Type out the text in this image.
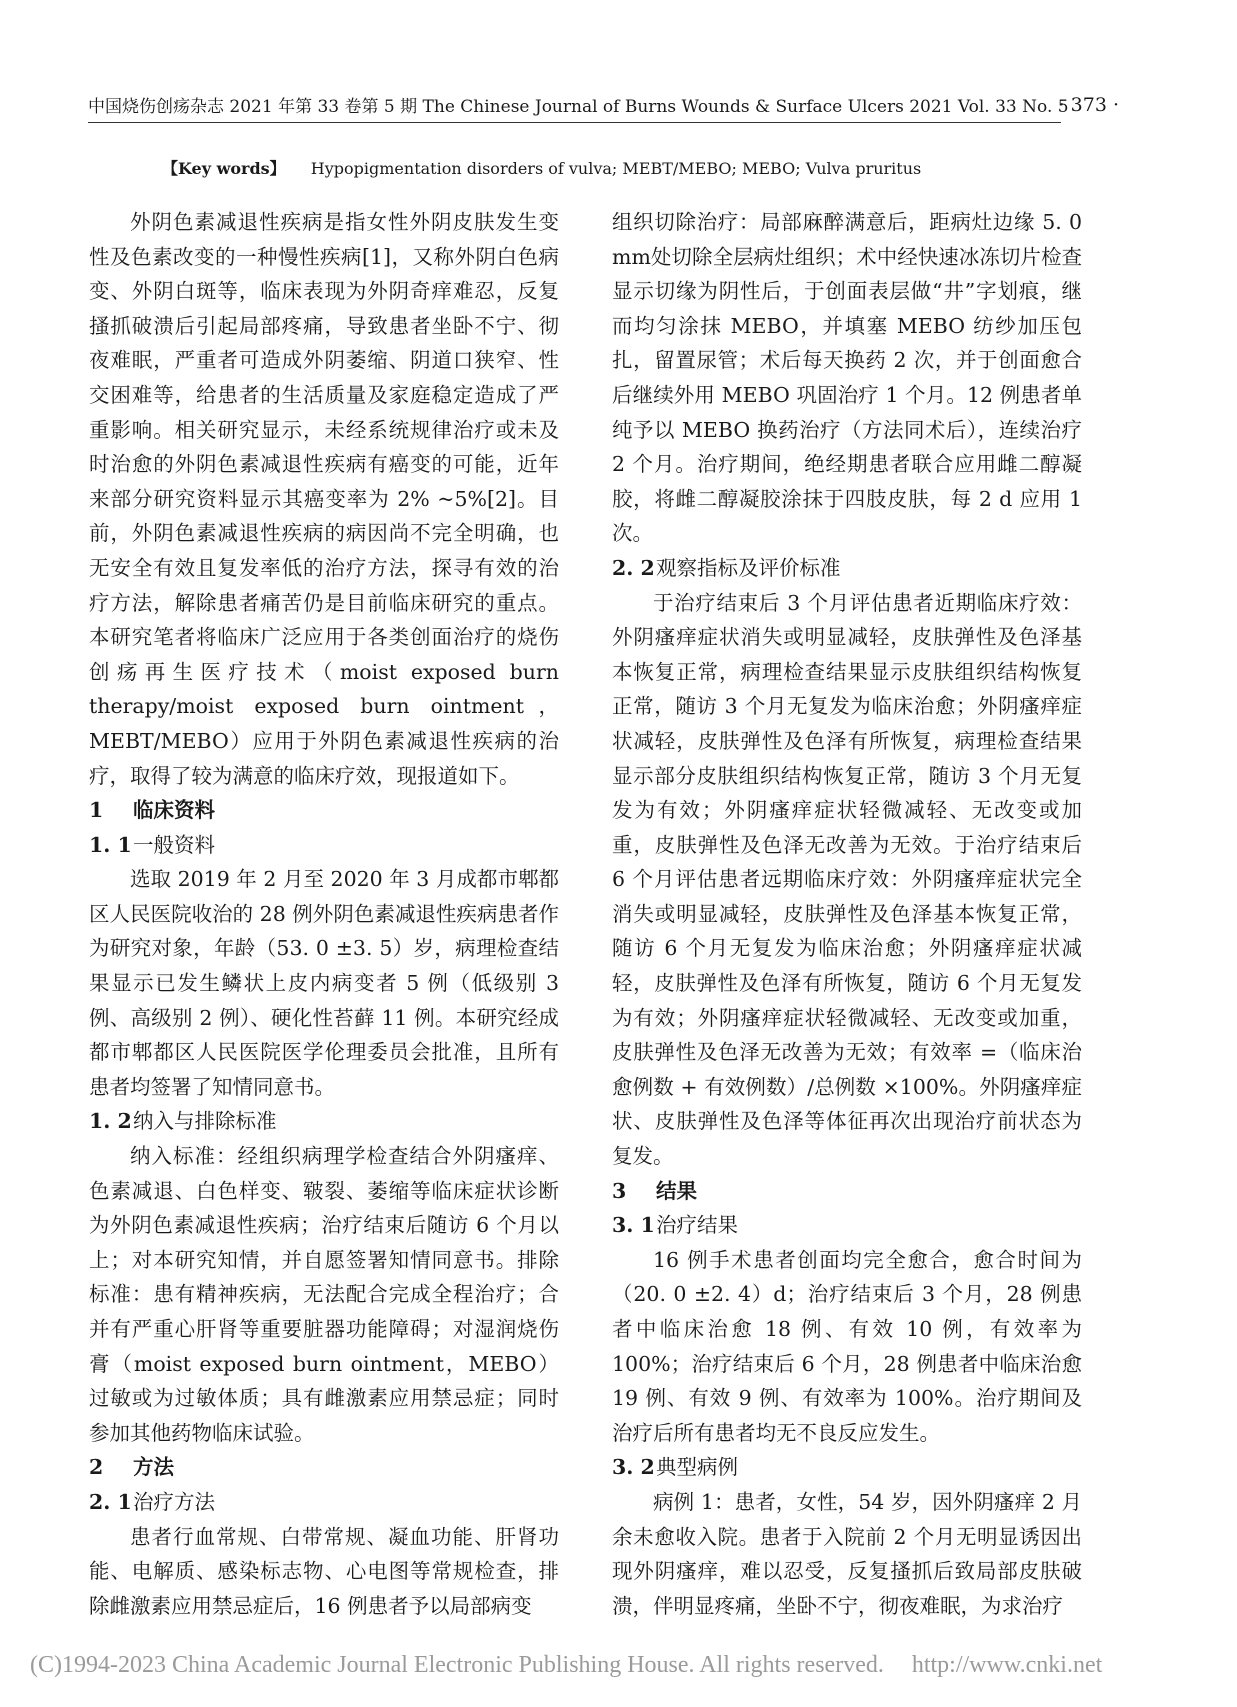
中国烧伤创疡杂志 2021 年第 33 卷第 5 期 The Chinese Journal of Burns Wounds & Surface Ulcers 2021 Vol. 33 No. 5
· 373 ·
【Key words】 Hypopigmentation disorders of vulva; MEBT/MEBO; MEBO; Vulva pruritus

外阴色素减退性疾病是指女性外阴皮肤发生变性及色素改变的一种慢性疾病[1]，又称外阴白色病变、外阴白斑等，临床表现为外阴奇痒难忍，反复搔抓破溃后引起局部疼痛，导致患者坐卧不宁、彻夜难眠，严重者可造成外阴萎缩、阴道口狭窄、性交困难等，给患者的生活质量及家庭稳定造成了严重影响。相关研究显示，未经系统规律治疗或未及时治愈的外阴色素减退性疾病有癌变的可能，近年来部分研究资料显示其癌变率为 2% ~5%[2]。目前，外阴色素减退性疾病的病因尚不完全明确，也无安全有效且复发率低的治疗方法，探寻有效的治疗方法，解除患者痛苦仍是目前临床研究的重点。本研究笔者将临床广泛应用于各类创面治疗的烧伤创疡再生医疗技术（moist exposed burn therapy/moist exposed burn ointment，MEBT/MEBO）应用于外阴色素减退性疾病的治疗，取得了较为满意的临床疗效，现报道如下。

1 临床资料
1. 1一般资料

选取 2019 年 2 月至 2020 年 3 月成都市郫都区人民医院收治的 28 例外阴色素减退性疾病患者作为研究对象，年龄（53. 0 ±3. 5）岁，病理检查结果显示已发生鳞状上皮内病变者 5 例（低级别 3 例、高级别 2 例）、硬化性苔藓 11 例。本研究经成都市郫都区人民医院医学伦理委员会批准，且所有患者均签署了知情同意书。

1. 2纳入与排除标准

纳入标准：经组织病理学检查结合外阴瘙痒、色素减退、白色样变、皲裂、萎缩等临床症状诊断为外阴色素减退性疾病；治疗结束后随访 6 个月以上；对本研究知情，并自愿签署知情同意书。排除标准：患有精神疾病，无法配合完成全程治疗；合并有严重心肝肾等重要脏器功能障碍；对湿润烧伤膏（moist exposed burn ointment，MEBO）过敏或为过敏体质；具有雌激素应用禁忌症；同时参加其他药物临床试验。

2 方法
2. 1治疗方法

患者行血常规、白带常规、凝血功能、肝肾功能、电解质、感染标志物、心电图等常规检查，排除雌激素应用禁忌症后，16 例患者予以局部病变

组织切除治疗：局部麻醉满意后，距病灶边缘 5. 0 mm处切除全层病灶组织；术中经快速冰冻切片检查显示切缘为阴性后，于创面表层做“井”字划痕，继而均匀涂抹 MEBO，并填塞 MEBO 纺纱加压包扎，留置尿管；术后每天换药 2 次，并于创面愈合后继续外用 MEBO 巩固治疗 1 个月。12 例患者单纯予以 MEBO 换药治疗（方法同术后），连续治疗 2 个月。治疗期间，绝经期患者联合应用雌二醇凝胶，将雌二醇凝胶涂抹于四肢皮肤，每 2 d 应用 1 次。

2. 2观察指标及评价标准

于治疗结束后 3 个月评估患者近期临床疗效：外阴瘙痒症状消失或明显减轻，皮肤弹性及色泽基本恢复正常，病理检查结果显示皮肤组织结构恢复正常，随访 3 个月无复发为临床治愈；外阴瘙痒症状减轻，皮肤弹性及色泽有所恢复，病理检查结果显示部分皮肤组织结构恢复正常，随访 3 个月无复发为有效；外阴瘙痒症状轻微减轻、无改变或加重，皮肤弹性及色泽无改善为无效。于治疗结束后 6 个月评估患者远期临床疗效：外阴瘙痒症状完全消失或明显减轻，皮肤弹性及色泽基本恢复正常，随访 6 个月无复发为临床治愈；外阴瘙痒症状减轻，皮肤弹性及色泽有所恢复，随访 6 个月无复发为有效；外阴瘙痒症状轻微减轻、无改变或加重，皮肤弹性及色泽无改善为无效；有效率 =（临床治愈例数 + 有效例数）/总例数 ×100%。外阴瘙痒症状、皮肤弹性及色泽等体征再次出现治疗前状态为复发。

3 结果
3. 1治疗结果

16 例手术患者创面均完全愈合，愈合时间为（20. 0 ±2. 4）d；治疗结束后 3 个月，28 例患者中临床治愈 18 例、有效 10 例，有效率为 100%；治疗结束后 6 个月，28 例患者中临床治愈 19 例、有效 9 例、有效率为 100%。治疗期间及治疗后所有患者均无不良反应发生。

3. 2典型病例

病例 1：患者，女性，54 岁，因外阴瘙痒 2 月余未愈收入院。患者于入院前 2 个月无明显诱因出现外阴瘙痒，难以忍受，反复搔抓后致局部皮肤破溃，伴明显疼痛，坐卧不宁，彻夜难眠，为求治疗

(C)1994-2023 China Academic Journal Electronic Publishing House. All rights reserved. http://www.cnki.net
